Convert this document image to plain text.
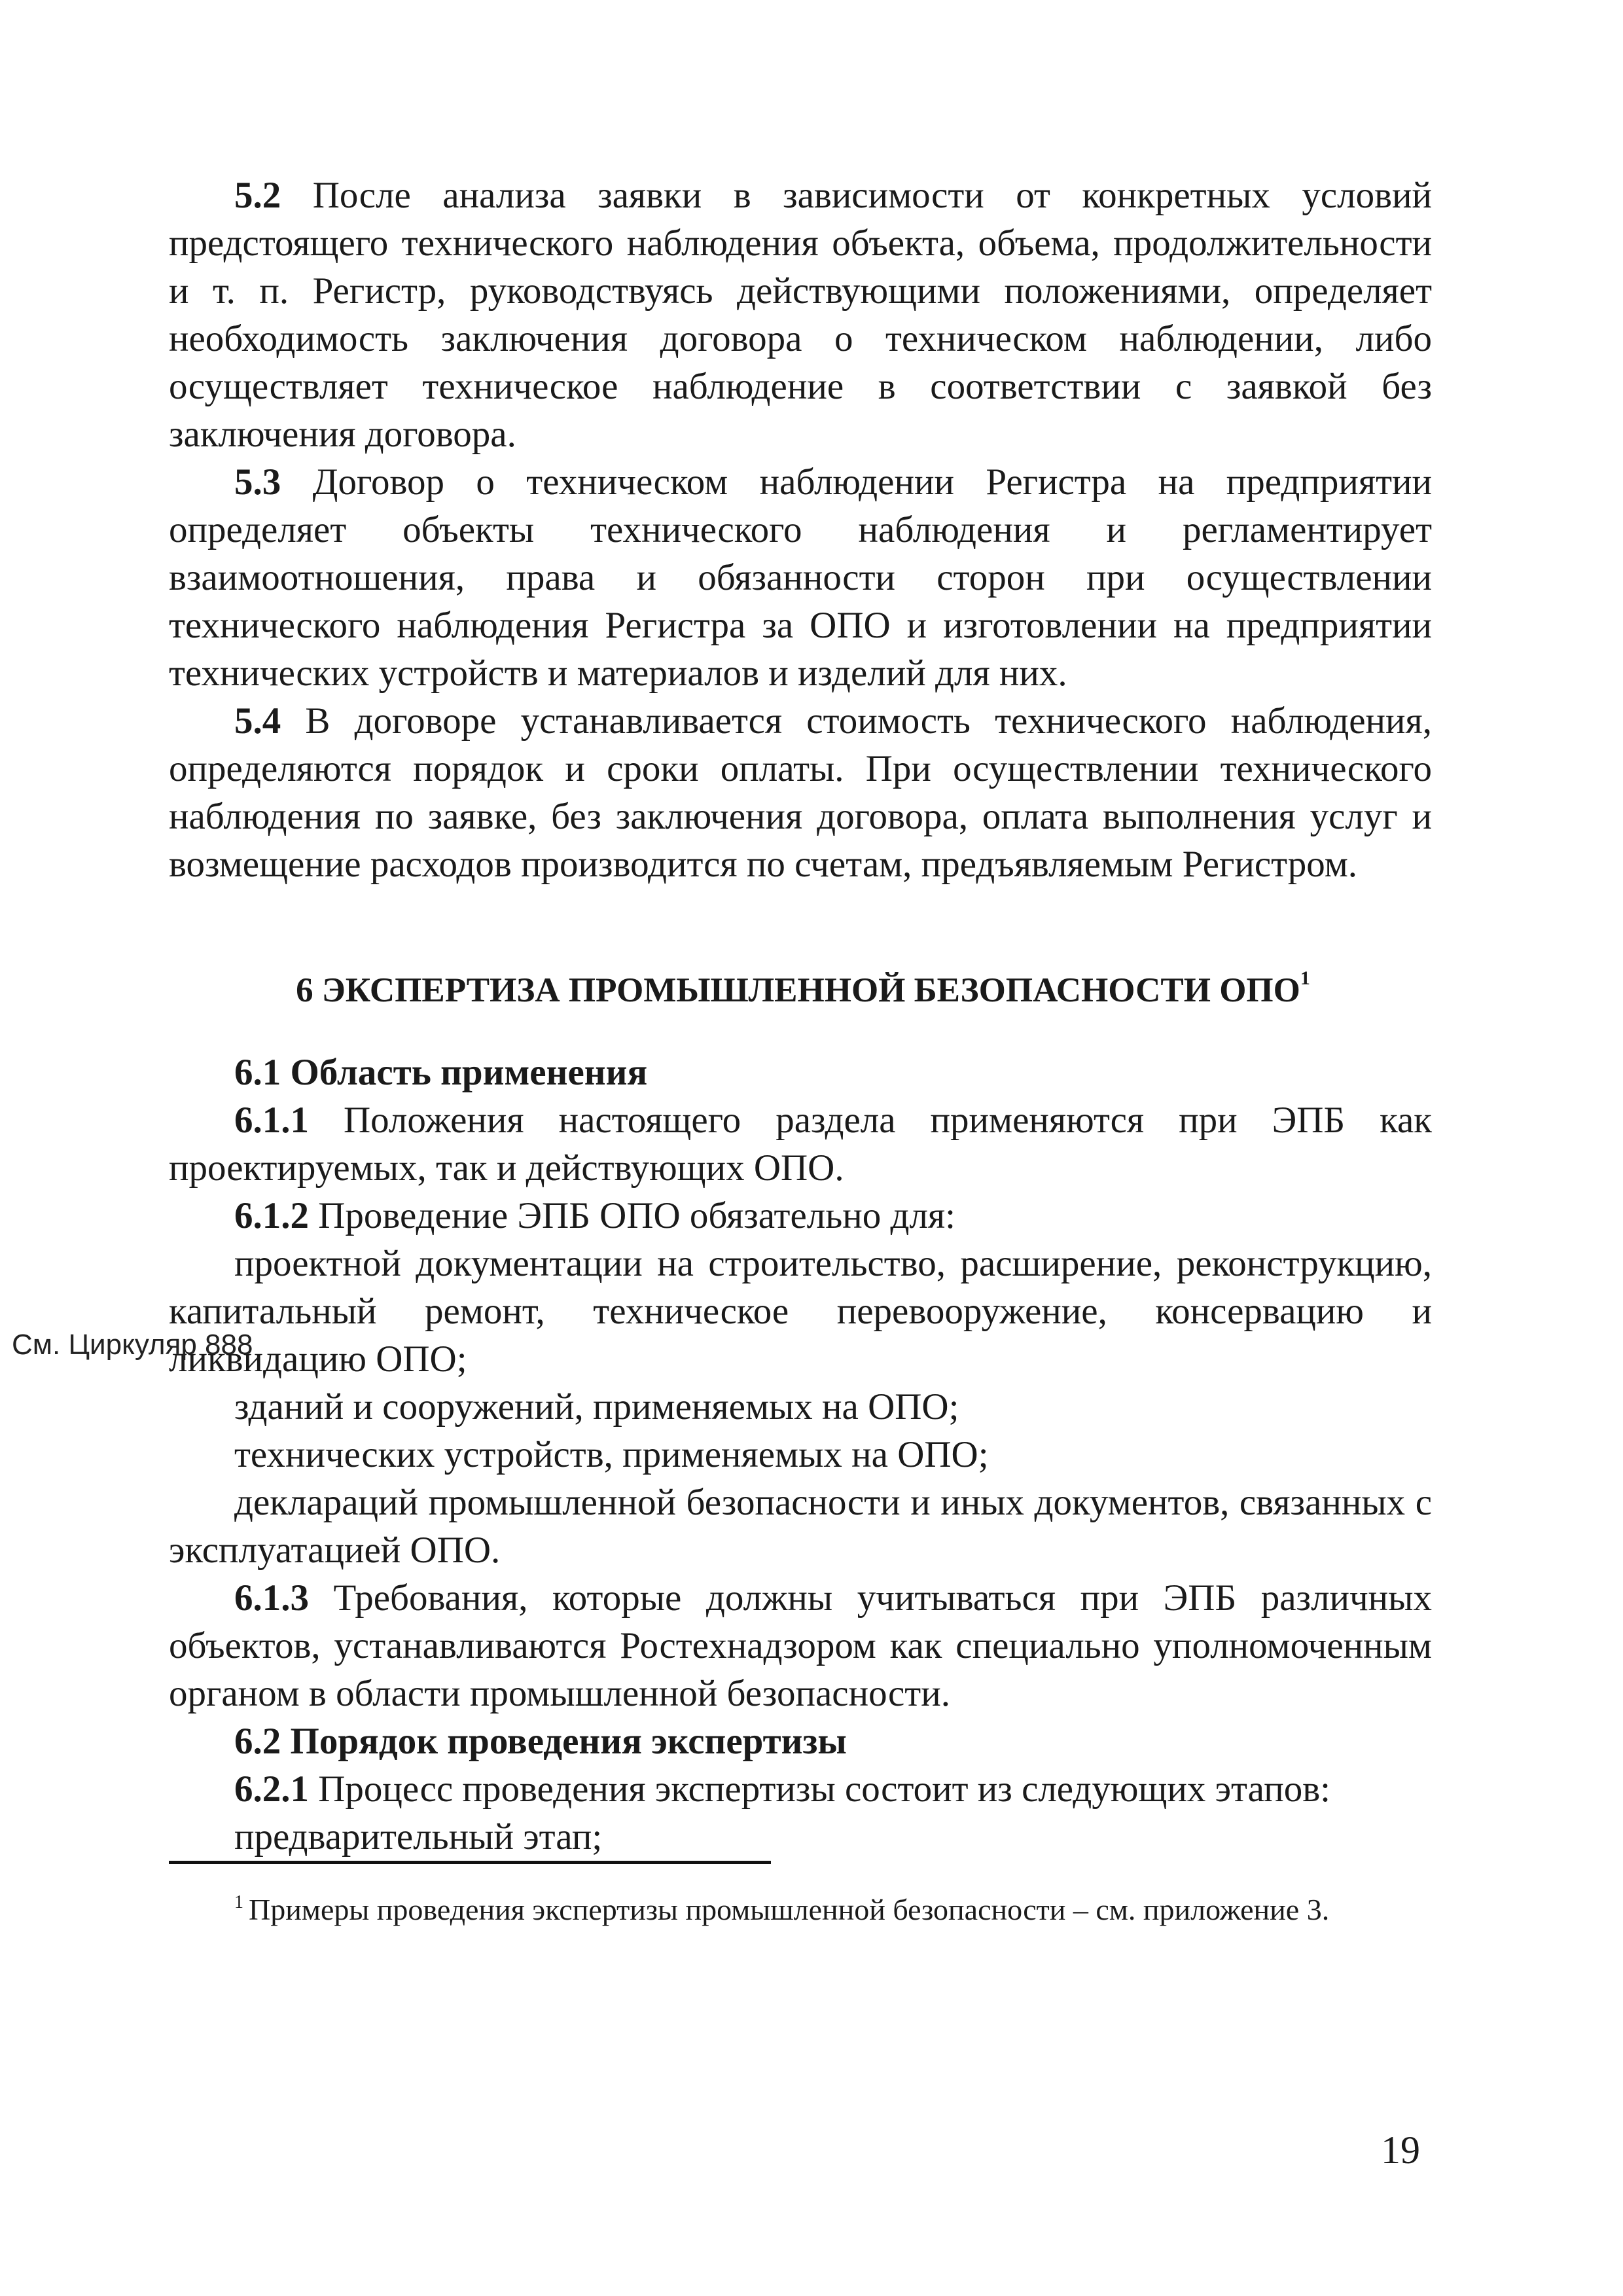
5.2 После анализа заявки в зависимости от конкретных условий предстоящего технического наблюдения объекта, объема, продолжительности и т. п. Регистр, руководствуясь действующими положениями, определяет необходимость заключения договора о техническом наблюдении, либо осуществляет техническое наблюдение в соответствии с заявкой без заключения договора.

5.3 Договор о техническом наблюдении Регистра на предприятии определяет объекты технического наблюдения и регламентирует взаимоотношения, права и обязанности сторон при осуществлении технического наблюдения Регистра за ОПО и изготовлении на предприятии технических устройств и материалов и изделий для них.

5.4 В договоре устанавливается стоимость технического наблюдения, определяются порядок и сроки оплаты. При осуществлении технического наблюдения по заявке, без заключения договора, оплата выполнения услуг и возмещение расходов производится по счетам, предъявляемым Регистром.

6 ЭКСПЕРТИЗА ПРОМЫШЛЕННОЙ БЕЗОПАСНОСТИ ОПО$^1$

6.1 Область применения

6.1.1 Положения настоящего раздела применяются при ЭПБ как проектируемых, так и действующих ОПО.

6.1.2 Проведение ЭПБ ОПО обязательно для:

проектной документации на строительство, расширение, реконструкцию, капитальный ремонт, техническое перевооружение, консервацию и ликвидацию ОПО;

зданий и сооружений, применяемых на ОПО;

технических устройств, применяемых на ОПО;

деклараций промышленной безопасности и иных документов, связанных с эксплуатацией ОПО.

6.1.3 Требования, которые должны учитываться при ЭПБ различных объектов, устанавливаются Ростехнадзором как специально уполномоченным органом в области промышленной безопасности.

6.2 Порядок проведения экспертизы

6.2.1 Процесс проведения экспертизы состоит из следующих этапов:

предварительный этап;

См. Циркуляр 888
$^1$ Примеры проведения экспертизы промышленной безопасности – см. приложение 3.
19
